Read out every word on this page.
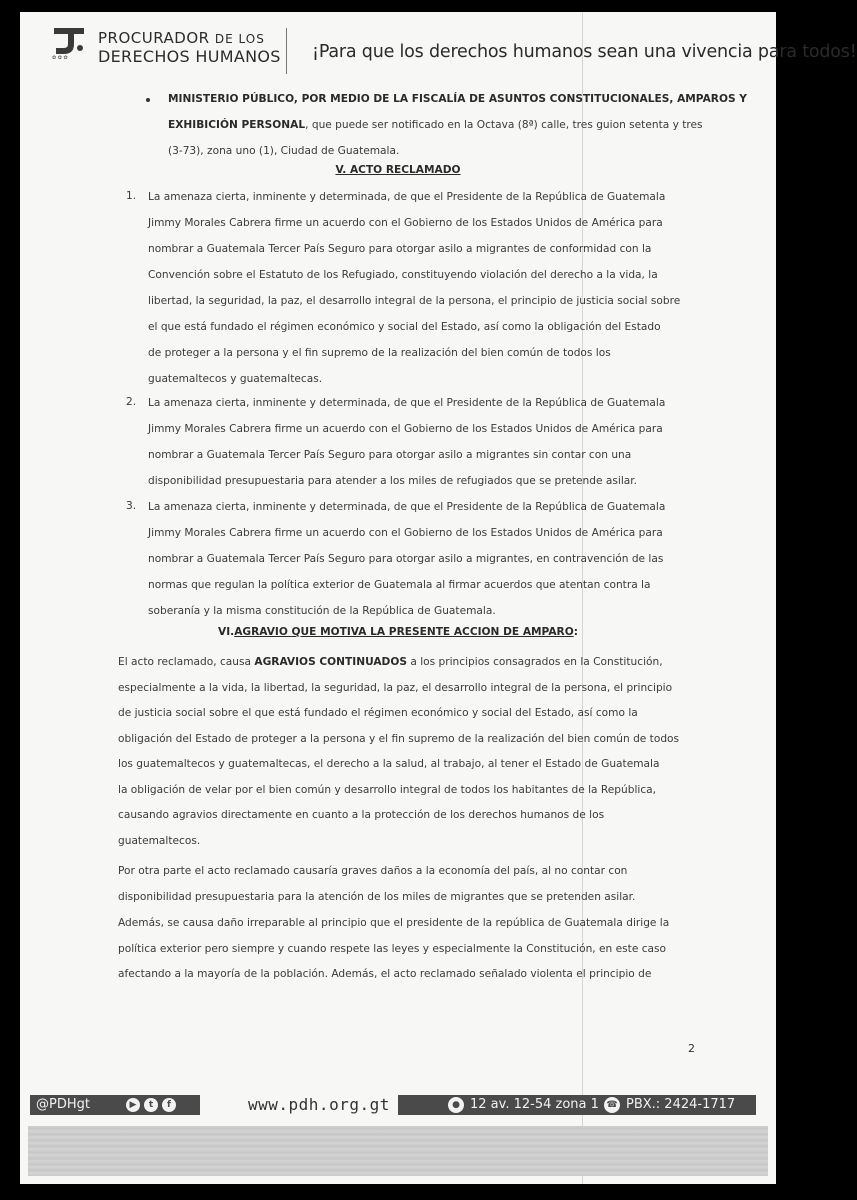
✿ ✿ ✿
PROCURADOR DE LOS
DERECHOS HUMANOS ¡Para que los derechos humanos sean una vivencia para todos!
MINISTERIO PÚBLICO, POR MEDIO DE LA FISCALÍA DE ASUNTOS CONSTITUCIONALES, AMPAROS Y
EXHIBICIÓN PERSONAL, que puede ser notificado en la Octava (8ª) calle, tres guion setenta y tres
(3-73), zona uno (1), Ciudad de Guatemala.
V. ACTO RECLAMADO
1. La amenaza cierta, inminente y determinada, de que el Presidente de la República de Guatemala
Jimmy Morales Cabrera firme un acuerdo con el Gobierno de los Estados Unidos de América para
nombrar a Guatemala Tercer País Seguro para otorgar asilo a migrantes de conformidad con la
Convención sobre el Estatuto de los Refugiado, constituyendo violación del derecho a la vida, la
libertad, la seguridad, la paz, el desarrollo integral de la persona, el principio de justicia social sobre
el que está fundado el régimen económico y social del Estado, así como la obligación del Estado
de proteger a la persona y el fin supremo de la realización del bien común de todos los
guatemaltecos y guatemaltecas.
2. La amenaza cierta, inminente y determinada, de que el Presidente de la República de Guatemala
Jimmy Morales Cabrera firme un acuerdo con el Gobierno de los Estados Unidos de América para
nombrar a Guatemala Tercer País Seguro para otorgar asilo a migrantes sin contar con una
disponibilidad presupuestaria para atender a los miles de refugiados que se pretende asilar.
3. La amenaza cierta, inminente y determinada, de que el Presidente de la República de Guatemala
Jimmy Morales Cabrera firme un acuerdo con el Gobierno de los Estados Unidos de América para
nombrar a Guatemala Tercer País Seguro para otorgar asilo a migrantes, en contravención de las
normas que regulan la política exterior de Guatemala al firmar acuerdos que atentan contra la
soberanía y la misma constitución de la República de Guatemala.
VI.AGRAVIO QUE MOTIVA LA PRESENTE ACCION DE AMPARO:
El acto reclamado, causa AGRAVIOS CONTINUADOS a los principios consagrados en la Constitución,
especialmente a la vida, la libertad, la seguridad, la paz, el desarrollo integral de la persona, el principio
de justicia social sobre el que está fundado el régimen económico y social del Estado, así como la
obligación del Estado de proteger a la persona y el fin supremo de la realización del bien común de todos
los guatemaltecos y guatemaltecas, el derecho a la salud, al trabajo, al tener el Estado de Guatemala
la obligación de velar por el bien común y desarrollo integral de todos los habitantes de la República,
causando agravios directamente en cuanto a la protección de los derechos humanos de los
guatemaltecos.
Por otra parte el acto reclamado causaría graves daños a la economía del país, al no contar con
disponibilidad presupuestaria para la atención de los miles de migrantes que se pretenden asilar.
Además, se causa daño irreparable al principio que el presidente de la república de Guatemala dirige la
política exterior pero siempre y cuando respete las leyes y especialmente la Constitución, en este caso
afectando a la mayoría de la población. Además, el acto reclamado señalado violenta el principio de
2
@PDHgt	▶	t	f	www.pdh.org.gt	● 12 av. 12-54 zona 1 ☎ PBX.: 2424-1717
